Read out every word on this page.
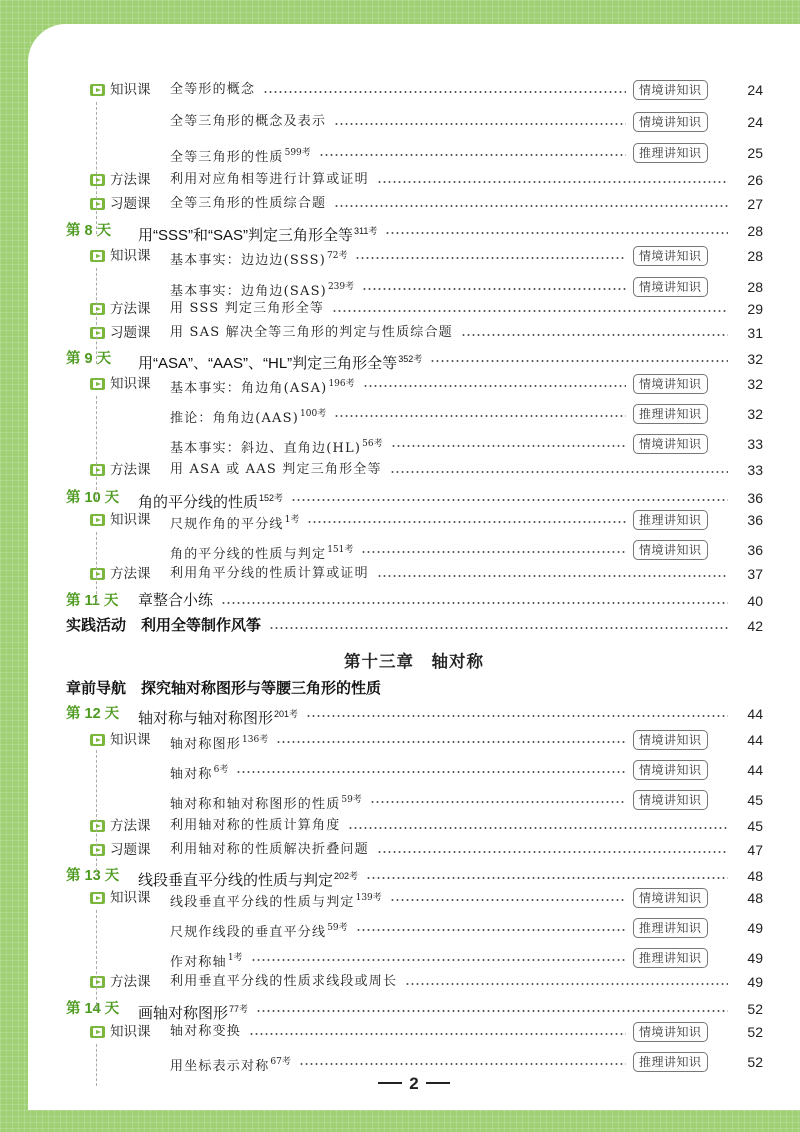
知识课 全等形的概念	情境讲知识	24
全等三角形的概念及表示	情境讲知识	24
全等三角形的性质$^{599考}$	推理讲知识	25
方法课 利用对应角相等进行计算或证明	26
习题课 全等三角形的性质综合题	27
第 8 天 用“SSS”和“SAS”判定三角形全等$^{311考}$	28
知识课 基本事实：边边边(SSS)$^{72考}$	情境讲知识	28
基本事实：边角边(SAS)$^{239考}$	情境讲知识	28
方法课 用 SSS 判定三角形全等	29
习题课 用 SAS 解决全等三角形的判定与性质综合题	31
第 9 天 用“ASA”、“AAS”、“HL”判定三角形全等$^{352考}$	32
知识课 基本事实：角边角(ASA)$^{196考}$	情境讲知识	32
推论：角角边(AAS)$^{100考}$	推理讲知识	32
基本事实：斜边、直角边(HL)$^{56考}$	情境讲知识	33
方法课 用 ASA 或 AAS 判定三角形全等	33
第 10 天 角的平分线的性质$^{152考}$	36
知识课 尺规作角的平分线$^{1考}$	推理讲知识	36
角的平分线的性质与判定$^{151考}$	情境讲知识	36
方法课 利用角平分线的性质计算或证明	37
第 11 天 章整合小练	40
实践活动　利用全等制作风筝	42
章前导航　探究轴对称图形与等腰三角形的性质
第 12 天 轴对称与轴对称图形$^{201考}$	44
知识课 轴对称图形$^{136考}$	情境讲知识	44
轴对称$^{6考}$	情境讲知识	44
轴对称和轴对称图形的性质$^{59考}$	情境讲知识	45
方法课 利用轴对称的性质计算角度	45
习题课 利用轴对称的性质解决折叠问题	47
第 13 天 线段垂直平分线的性质与判定$^{202考}$	48
知识课 线段垂直平分线的性质与判定$^{139考}$	情境讲知识	48
尺规作线段的垂直平分线$^{59考}$	推理讲知识	49
作对称轴$^{1考}$	推理讲知识	49
方法课 利用垂直平分线的性质求线段或周长	49
第 14 天 画轴对称图形$^{77考}$	52
知识课 轴对称变换	情境讲知识	52
用坐标表示对称$^{67考}$	推理讲知识	52
第十三章　轴对称
2
